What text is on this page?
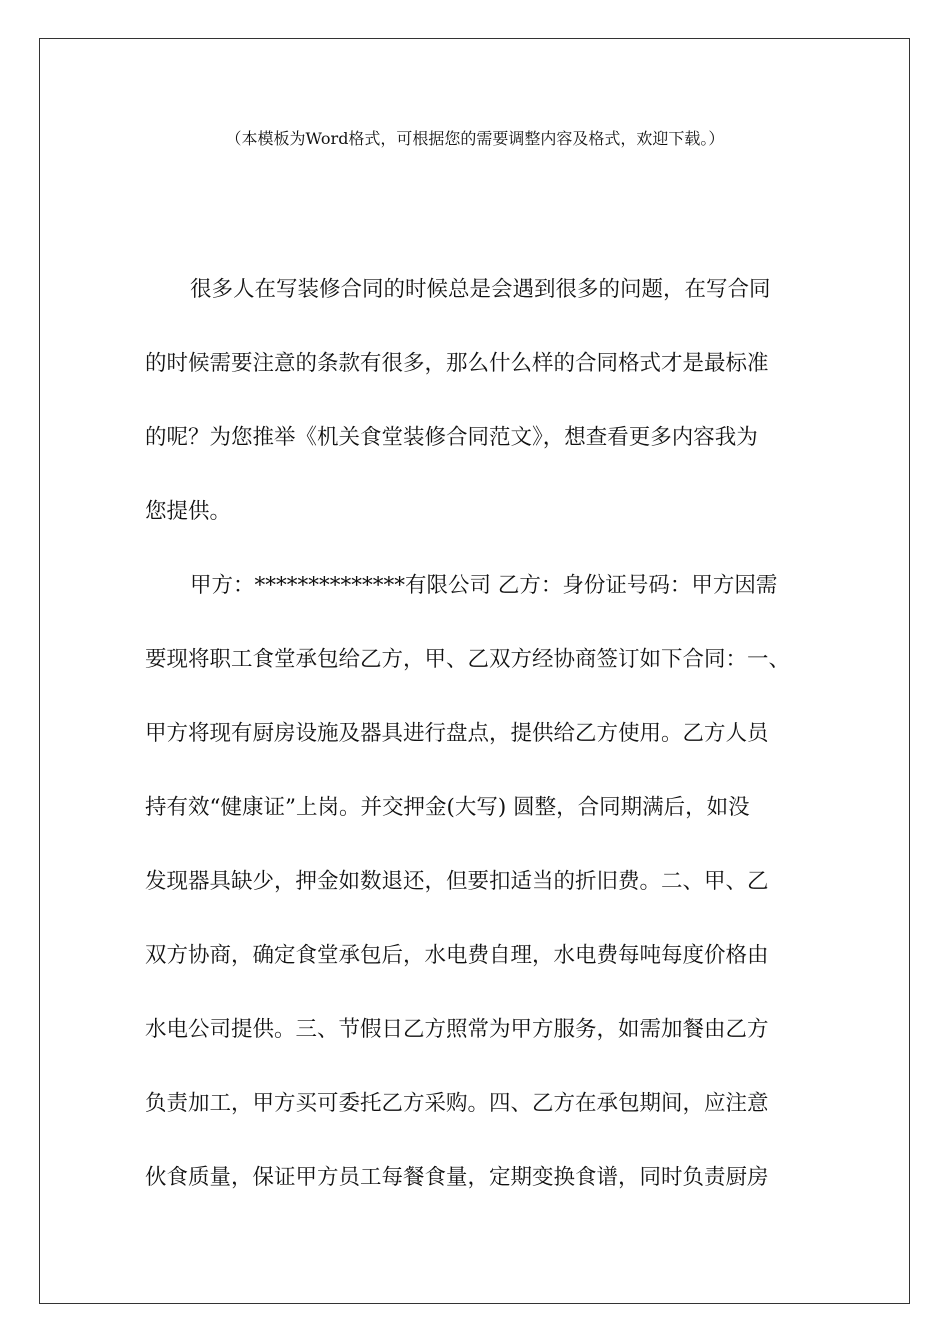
（本模板为Word格式，可根据您的需要调整内容及格式，欢迎下载。）
很多人在写装修合同的时候总是会遇到很多的问题，在写合同
的时候需要注意的条款有很多，那么什么样的合同格式才是最标准
的呢？为您推举《机关食堂装修合同范文》，想查看更多内容我为
您提供。
甲方：**************有限公司 乙方：身份证号码：甲方因需
要现将职工食堂承包给乙方，甲、乙双方经协商签订如下合同：一、
甲方将现有厨房设施及器具进行盘点，提供给乙方使用。乙方人员
持有效“健康证”上岗。并交押金(大写) 圆整，合同期满后，如没
发现器具缺少，押金如数退还，但要扣适当的折旧费。二、甲、乙
双方协商，确定食堂承包后，水电费自理，水电费每吨每度价格由
水电公司提供。三、节假日乙方照常为甲方服务，如需加餐由乙方
负责加工，甲方买可委托乙方采购。四、乙方在承包期间，应注意
伙食质量，保证甲方员工每餐食量，定期变换食谱，同时负责厨房
